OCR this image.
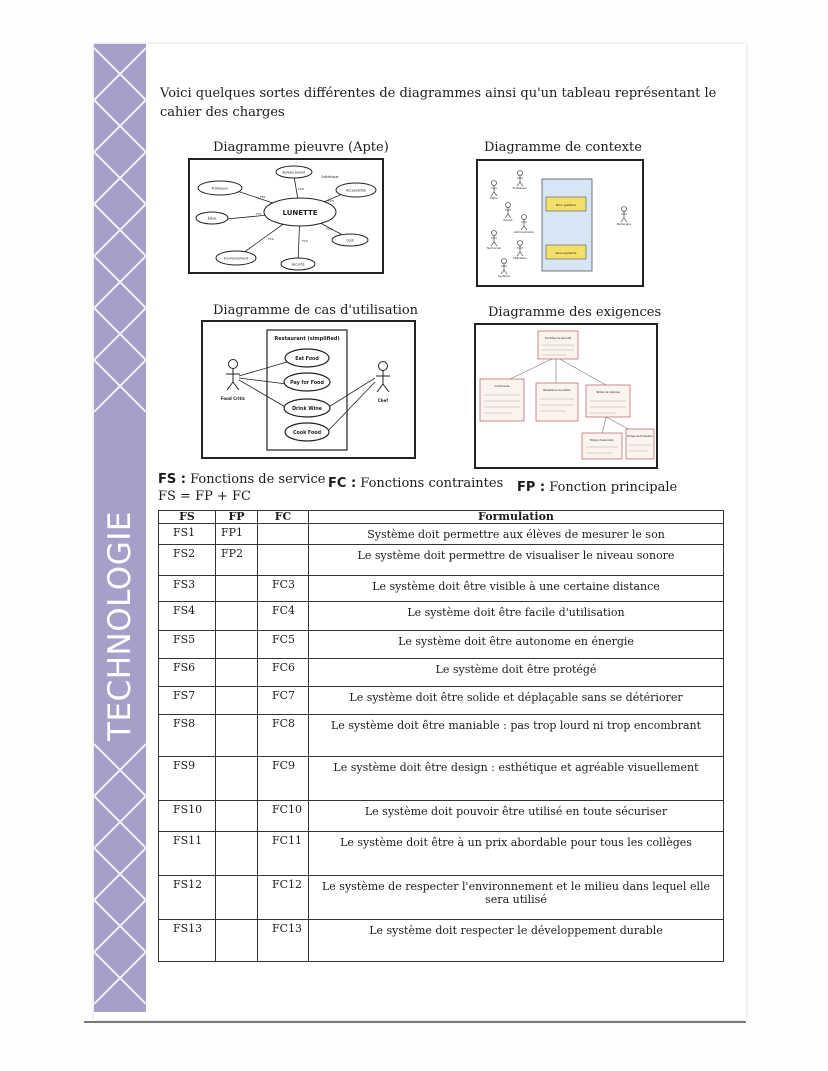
TECHNOLOGIE
Voici quelques sortes différentes de diagrammes ainsi qu'un tableau représentant le cahier des charges
Diagramme pieuvre (Apte)
LUNETTE
Bureau parent
Professeur
Élève
Environnement
Sécurité
Coût
Accessibilité
Esthétique
FP1
FC1
FC2	FC3
FC4
FC5
FC6
Diagramme de contexte
Bloc système
Sous-système
Élève
Professeur
Parent
Administration
Technicien
Utilisateur
Système
Partenaire
Diagramme de cas d'utilisation
Restaurant (simplified)
Eat Food
Pay for Food
Drink Wine
Cook Food
Food Critic	Chef
Diagramme des exigences
Contrôler la sécurité
Commande
Résistance du boîtier
Temps de réponse
Temps d'exécution
Temps de formation
FS : Fonctions de service FC : Fonctions contraintes FP : Fonction principale
FS = FP + FC
FS	FP	FC	Formulation
FS1	FP1		Système doit permettre aux élèves de mesurer le son
FS2	FP2		Le système doit permettre de visualiser le niveau sonore
FS3		FC3	Le système doit être visible à une certaine distance
FS4		FC4	Le système doit être facile d'utilisation
FS5		FC5	Le système doit être autonome en énergie
FS6		FC6	Le système doit être protégé
FS7		FC7	Le système doit être solide et déplaçable sans se détériorer
FS8		FC8	Le système doit être maniable : pas trop lourd ni trop encombrant
FS9		FC9	Le système doit être design : esthétique et agréable visuellement
FS10		FC10	Le système doit pouvoir être utilisé en toute sécuriser
FS11		FC11	Le système doit être à un prix abordable pour tous les collèges
FS12		FC12	Le système de respecter l'environnement et le milieu dans lequel elle sera utilisé
FS13		FC13	Le système doit respecter le développement durable
